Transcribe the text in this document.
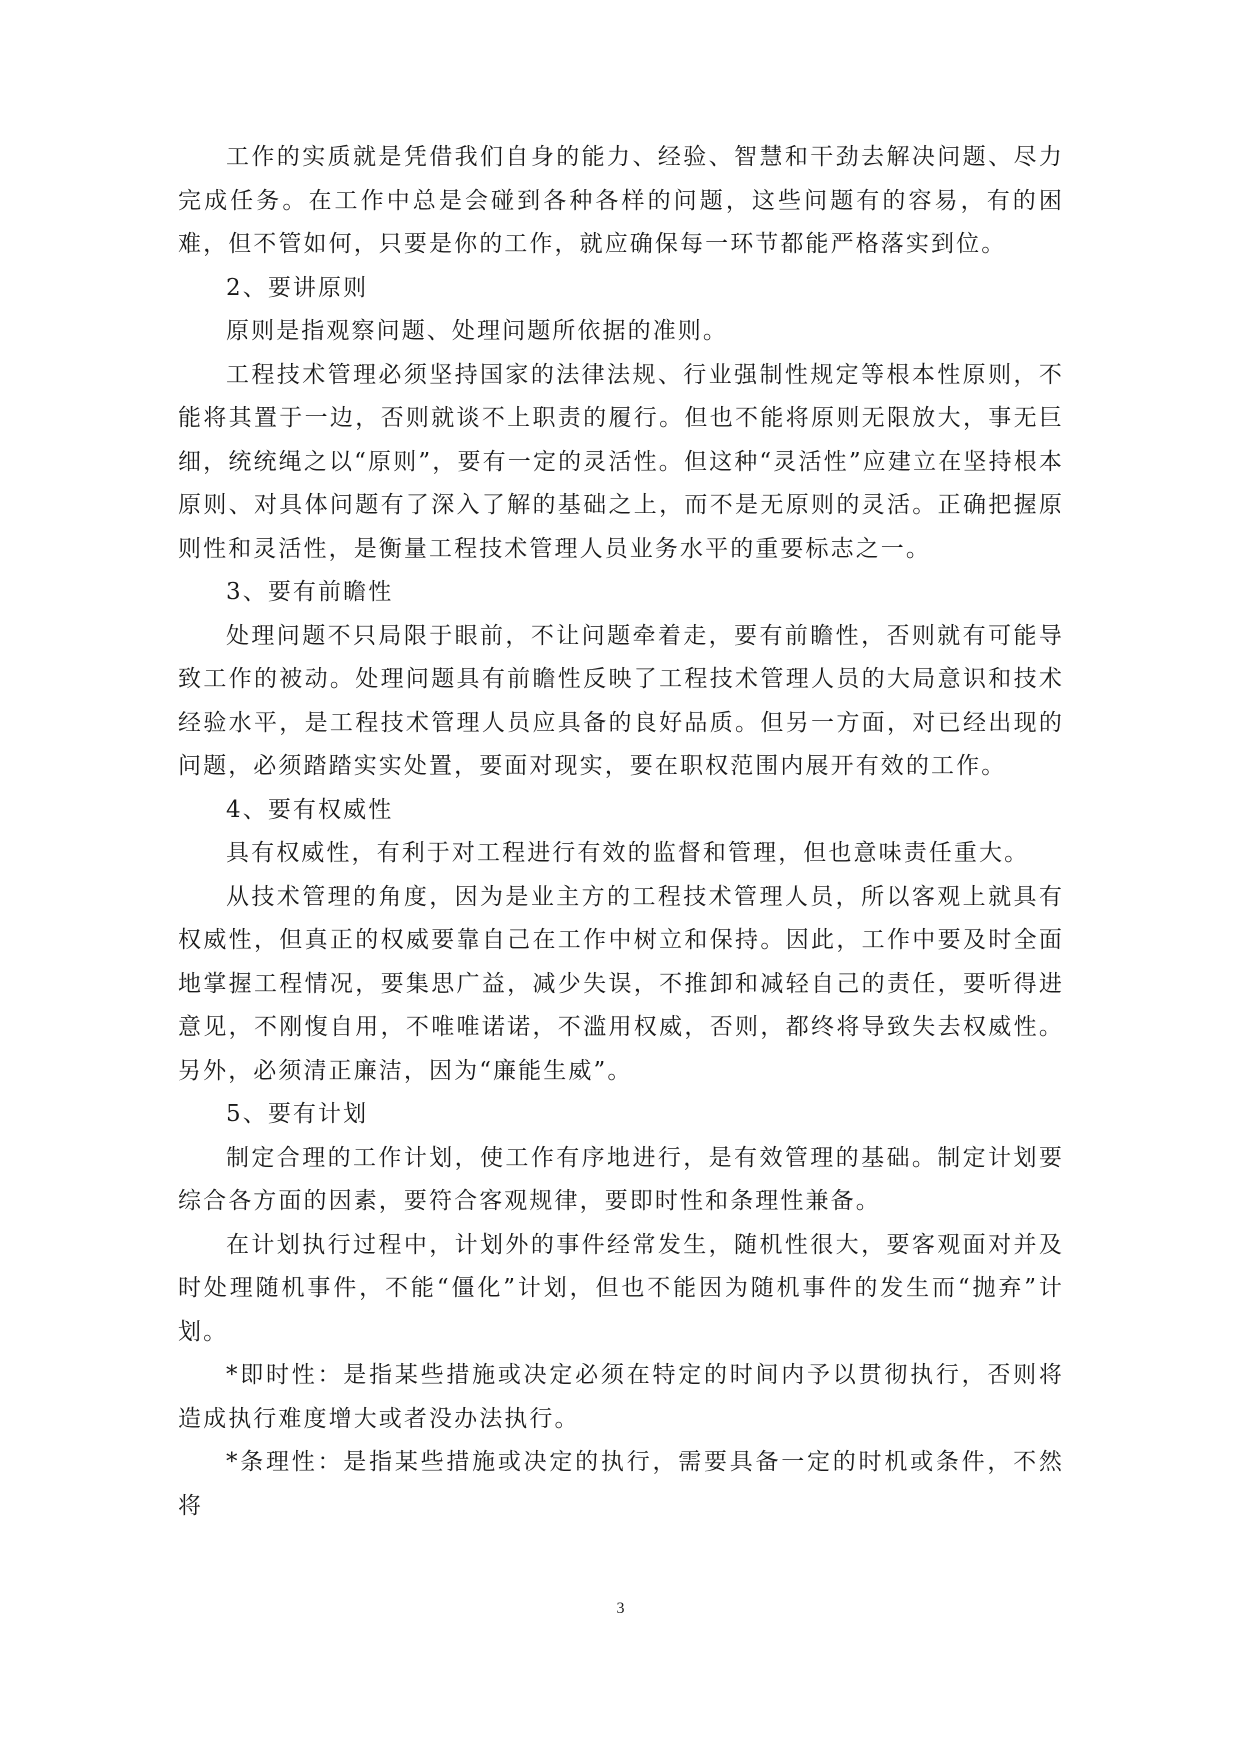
工作的实质就是凭借我们自身的能力、经验、智慧和干劲去解决问题、尽力完成任务。在工作中总是会碰到各种各样的问题，这些问题有的容易，有的困难，但不管如何，只要是你的工作，就应确保每一环节都能严格落实到位。

2、要讲原则

原则是指观察问题、处理问题所依据的准则。

工程技术管理必须坚持国家的法律法规、行业强制性规定等根本性原则，不能将其置于一边，否则就谈不上职责的履行。但也不能将原则无限放大，事无巨细，统统绳之以“原则”，要有一定的灵活性。但这种“灵活性”应建立在坚持根本原则、对具体问题有了深入了解的基础之上，而不是无原则的灵活。正确把握原则性和灵活性，是衡量工程技术管理人员业务水平的重要标志之一。

3、要有前瞻性

处理问题不只局限于眼前，不让问题牵着走，要有前瞻性，否则就有可能导致工作的被动。处理问题具有前瞻性反映了工程技术管理人员的大局意识和技术经验水平，是工程技术管理人员应具备的良好品质。但另一方面，对已经出现的问题，必须踏踏实实处置，要面对现实，要在职权范围内展开有效的工作。

4、要有权威性

具有权威性，有利于对工程进行有效的监督和管理，但也意味责任重大。

从技术管理的角度，因为是业主方的工程技术管理人员，所以客观上就具有权威性，但真正的权威要靠自己在工作中树立和保持。因此，工作中要及时全面地掌握工程情况，要集思广益，减少失误，不推卸和减轻自己的责任，要听得进意见，不刚愎自用，不唯唯诺诺，不滥用权威，否则，都终将导致失去权威性。另外，必须清正廉洁，因为“廉能生威”。

5、要有计划

制定合理的工作计划，使工作有序地进行，是有效管理的基础。制定计划要综合各方面的因素，要符合客观规律，要即时性和条理性兼备。

在计划执行过程中，计划外的事件经常发生，随机性很大，要客观面对并及时处理随机事件，不能“僵化”计划，但也不能因为随机事件的发生而“抛弃”计划。

*即时性：是指某些措施或决定必须在特定的时间内予以贯彻执行，否则将造成执行难度增大或者没办法执行。

*条理性：是指某些措施或决定的执行，需要具备一定的时机或条件，不然将

3
